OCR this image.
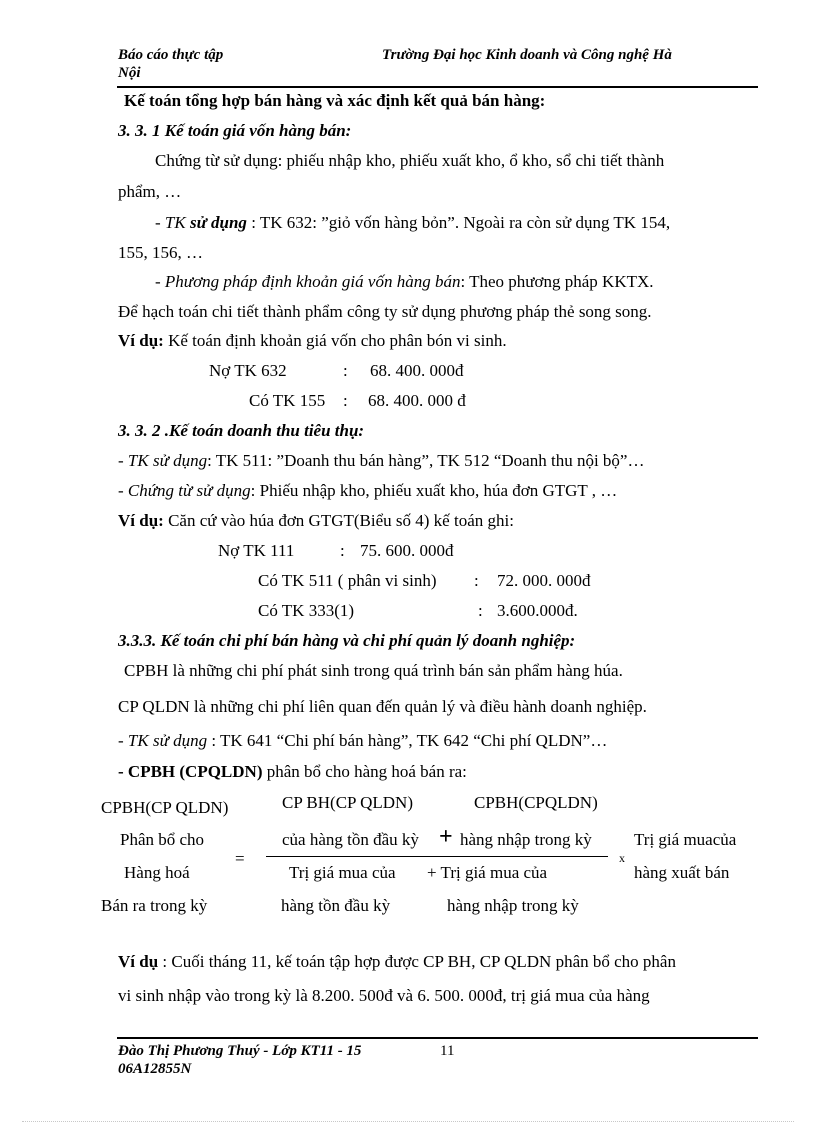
Báo cáo thực tập	Trường Đại học Kinh doanh và Công nghệ Hà
Nội
Kế toán tổng hợp bán hàng và xác định kết quả bán hàng:
3. 3. 1 Kế toán giá vốn hàng bán:
Chứng từ sử dụng: phiếu nhập kho, phiếu xuất kho, ổ kho, sổ chi tiết thành
phẩm, …
- TK sử dụng : TK 632: ”giỏ vốn hàng bỏn”. Ngoài ra còn sử dụng TK 154,
155, 156, …
- Phương pháp định khoản giá vốn hàng bán: Theo phương pháp KKTX.
Để hạch toán chi tiết thành phẩm công ty sử dụng phương pháp thẻ song song.
Ví dụ: Kế toán định khoản giá vốn cho phân bón vi sinh.
Nợ TK 632	: 68. 400. 000đ
Có TK 155 : 68. 400. 000 đ
3. 3. 2 .Kế toán doanh thu tiêu thụ:
- TK sử dụng: TK 511: ”Doanh thu bán hàng”, TK 512 “Doanh thu nội bộ”…
- Chứng từ sử dụng: Phiếu nhập kho, phiếu xuất kho, húa đơn GTGT , …
Ví dụ: Căn cứ vào húa đơn GTGT(Biểu số 4) kế toán ghi:
Nợ TK 111	: 75. 600. 000đ
Có TK 511 ( phân vi sinh) : 72. 000. 000đ
Có TK 333(1)	: 3.600.000đ.
3.3.3. Kế toán chi phí bán hàng và chi phí quản lý doanh nghiệp:
CPBH là những chi phí phát sinh trong quá trình bán sản phẩm hàng húa.
CP QLDN là những chi phí liên quan đến quản lý và điều hành doanh nghiệp.
- TK sử dụng : TK 641 “Chi phí bán hàng”, TK 642 “Chi phí QLDN”…
- CPBH (CPQLDN) phân bổ cho hàng hoá bán ra:
CPBH(CP QLDN)
Phân bổ cho
Hàng hoá
Bán ra trong kỳ
=
CP BH(CP QLDN)	CPBH(CPQLDN)
của hàng tồn đầu kỳ + hàng nhập trong kỳ
Trị giá mua của + Trị giá mua của
hàng tồn đầu kỳ	hàng nhập trong kỳ
x
Trị giá muacủa
hàng xuất bán
Ví dụ : Cuối tháng 11, kế toán tập hợp được CP BH, CP QLDN phân bổ cho phân
vi sinh nhập vào trong kỳ là 8.200. 500đ và 6. 500. 000đ, trị giá mua của hàng
Đào Thị Phương Thuý - Lớp KT11 - 15	11
06A12855N
